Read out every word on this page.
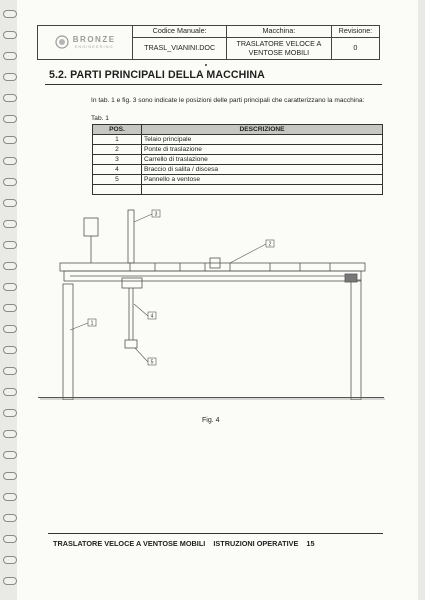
BRONZE
ENGINEERING	Codice Manuale:	Macchina:	Revisione:
	TRASL_VIANINI.DOC	TRASLATORE VELOCE A VENTOSE MOBILI	0
5.2. PARTI PRINCIPALI DELLA MACCHINA
In tab. 1 e fig. 3 sono indicate le posizioni delle parti principali che caratterizzano la macchina:
Tab. 1
POS.	DESCRIZIONE
1	Telaio principale
2	Ponte di traslazione
3	Carrello di traslazione
4	Braccio di salita / discesa
5	Pannello a ventose

3
2
1
4
5
Fig. 4
TRASLATORE VELOCE A VENTOSE MOBILI ISTRUZIONI OPERATIVE 15
